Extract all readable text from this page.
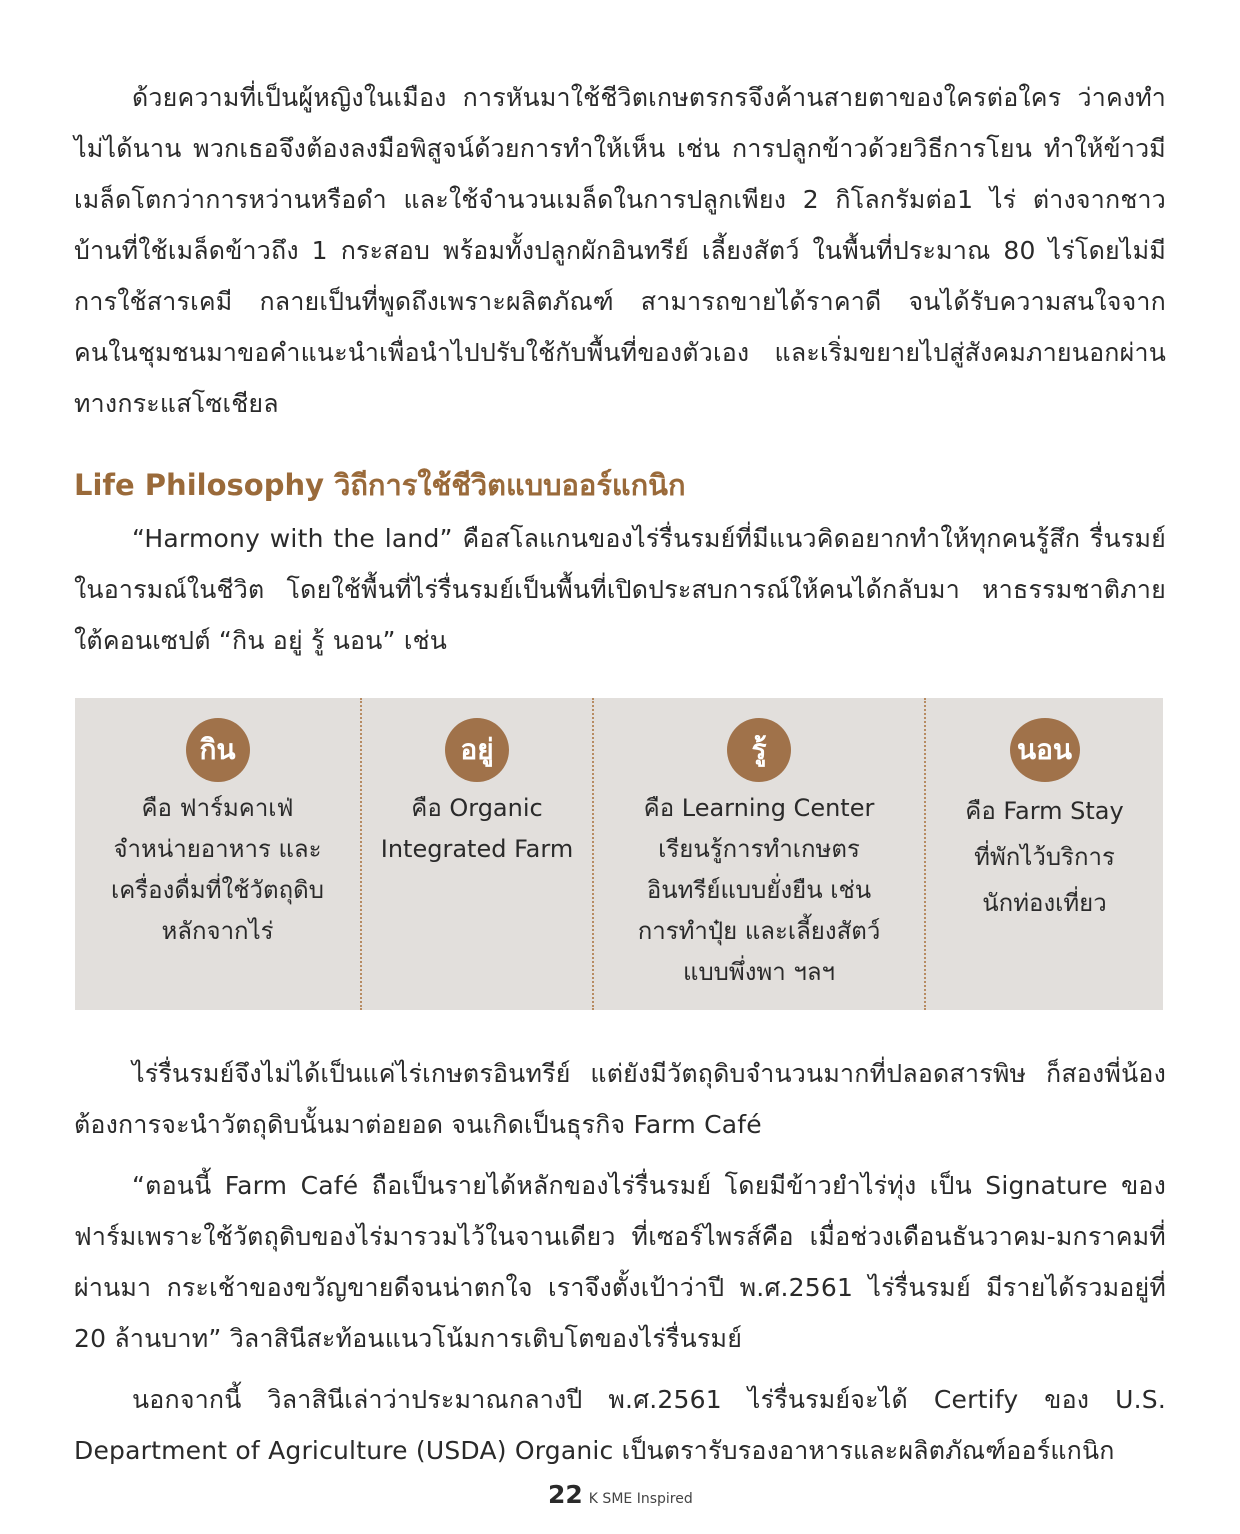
ด้วยความที่เป็นผู้หญิงในเมือง การหันมาใช้ชีวิตเกษตรกรจึงค้านสายตาของใครต่อใคร ว่าคงทำไม่ได้นาน พวกเธอจึงต้องลงมือพิสูจน์ด้วยการทำให้เห็น เช่น การปลูกข้าวด้วยวิธีการโยน ทำให้ข้าวมีเมล็ดโตกว่าการหว่านหรือดำ และใช้จำนวนเมล็ดในการปลูกเพียง 2 กิโลกรัมต่อ1 ไร่ ต่างจากชาวบ้านที่ใช้เมล็ดข้าวถึง 1 กระสอบ พร้อมทั้งปลูกผักอินทรีย์ เลี้ยงสัตว์ ในพื้นที่ประมาณ 80 ไร่โดยไม่มีการใช้สารเคมี กลายเป็นที่พูดถึงเพราะผลิตภัณฑ์ สามารถขายได้ราคาดี จนได้รับความสนใจจากคนในชุมชนมาขอคำแนะนำเพื่อนำไปปรับใช้กับพื้นที่ของตัวเอง และเริ่มขยายไปสู่สังคมภายนอกผ่านทางกระแสโซเชียล

Life Philosophy วิถีการใช้ชีวิตแบบออร์แกนิก

“Harmony with the land” คือสโลแกนของไร่รื่นรมย์ที่มีแนวคิดอยากทำให้ทุกคนรู้สึก รื่นรมย์ในอารมณ์ในชีวิต โดยใช้พื้นที่ไร่รื่นรมย์เป็นพื้นที่เปิดประสบการณ์ให้คนได้กลับมา หาธรรมชาติภายใต้คอนเซปต์ “กิน อยู่ รู้ นอน” เช่น

กิน
คือ ฟาร์มคาเฟ่
จำหน่ายอาหาร และ
เครื่องดื่มที่ใช้วัตถุดิบ
หลักจากไร่
อยู่
คือ Organic
Integrated Farm
รู้
คือ Learning Center
เรียนรู้การทำเกษตร
อินทรีย์แบบยั่งยืน เช่น
การทำปุ๋ย และเลี้ยงสัตว์
แบบพึ่งพา ฯลฯ
นอน
คือ Farm Stay
ที่พักไว้บริการ
นักท่องเที่ยว

ไร่รื่นรมย์จึงไม่ได้เป็นแค่ไร่เกษตรอินทรีย์ แต่ยังมีวัตถุดิบจำนวนมากที่ปลอดสารพิษ ก็สองพี่น้องต้องการจะนำวัตถุดิบนั้นมาต่อยอด จนเกิดเป็นธุรกิจ Farm Café

“ตอนนี้ Farm Café ถือเป็นรายได้หลักของไร่รื่นรมย์ โดยมีข้าวยำไร่ทุ่ง เป็น Signature ของฟาร์มเพราะใช้วัตถุดิบของไร่มารวมไว้ในจานเดียว ที่เซอร์ไพรส์คือ เมื่อช่วงเดือนธันวาคม-มกราคมที่ผ่านมา กระเช้าของขวัญขายดีจนน่าตกใจ เราจึงตั้งเป้าว่าปี พ.ศ.2561 ไร่รื่นรมย์ มีรายได้รวมอยู่ที่ 20 ล้านบาท” วิลาสินีสะท้อนแนวโน้มการเติบโตของไร่รื่นรมย์

นอกจากนี้ วิลาสินีเล่าว่าประมาณกลางปี พ.ศ.2561 ไร่รื่นรมย์จะได้ Certify ของ U.S. Department of Agriculture (USDA) Organic เป็นตรารับรองอาหารและผลิตภัณฑ์ออร์แกนิก

22 K SME Inspired
